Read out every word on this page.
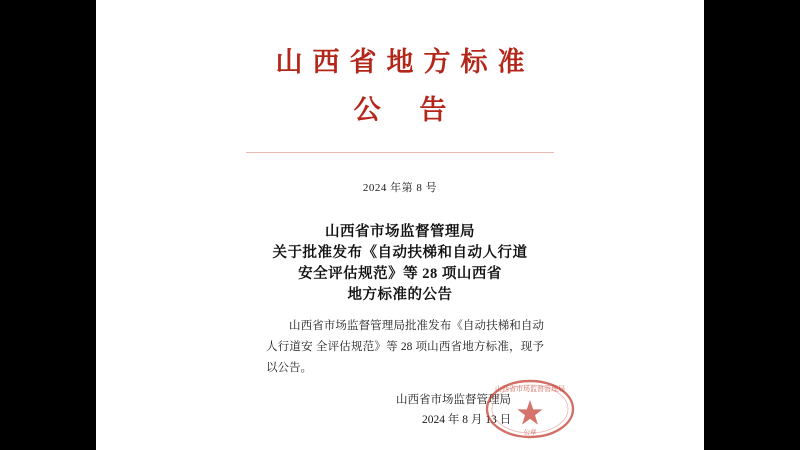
山西省地方标准
公 告
2024 年第 8 号
山西省市场监督管理局
关于批准发布《自动扶梯和自动人行道
安全评估规范》等 28 项山西省
地方标准的公告
山西省市场监督管理局批准发布《自动扶梯和自动人行道安 全评估规范》等 28 项山西省地方标准，现予以公告。
山西省市场监督管理局
2024 年 8 月 13 日
山西省市场监督管理局
公章
